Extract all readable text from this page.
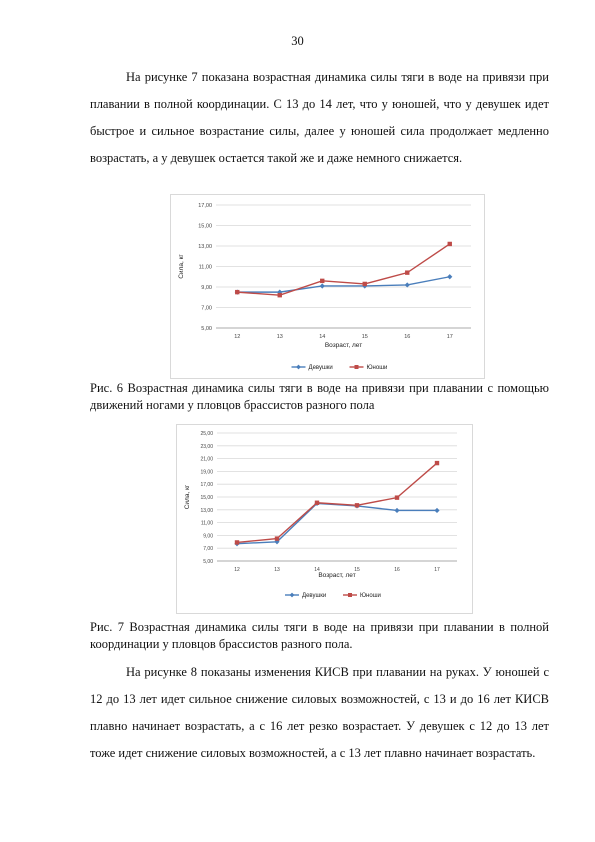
30

На рисунке 7 показана возрастная динамика силы тяги в воде на привязи при плавании в полной координации. С 13 до 14 лет, что у юношей, что у девушек идет быстрое и сильное возрастание силы, далее у юношей сила продолжает медленно возрастать, а у девушек остается такой же и даже немного снижается.

5,00
7,00
9,00
11,00
13,00
15,00
17,00
12	13	14	15	16	17
Возраст, лет
Сила, кг
Девушки	Юноши

Рис. 6 Возрастная динамика силы тяги в воде на привязи при плавании с помощью движений ногами у пловцов брассистов разного пола

5,00
7,00
9,00
11,00
13,00
15,00
17,00
19,00
21,00
23,00
25,00
12	13	14	15	16	17
Возраст, лет
Сила, кг
Девушки	Юноши

Рис. 7 Возрастная динамика силы тяги в воде на привязи при плавании в полной координации у пловцов брассистов разного пола.

На рисунке 8 показаны изменения КИСВ при плавании на руках. У юношей с 12 до 13 лет идет сильное снижение силовых возможностей, с 13 и до 16 лет КИСВ плавно начинает возрастать, а с 16 лет резко возрастает. У девушек с 12 до 13 лет тоже идет снижение силовых возможностей, а с 13 лет плавно начинает возрастать.
